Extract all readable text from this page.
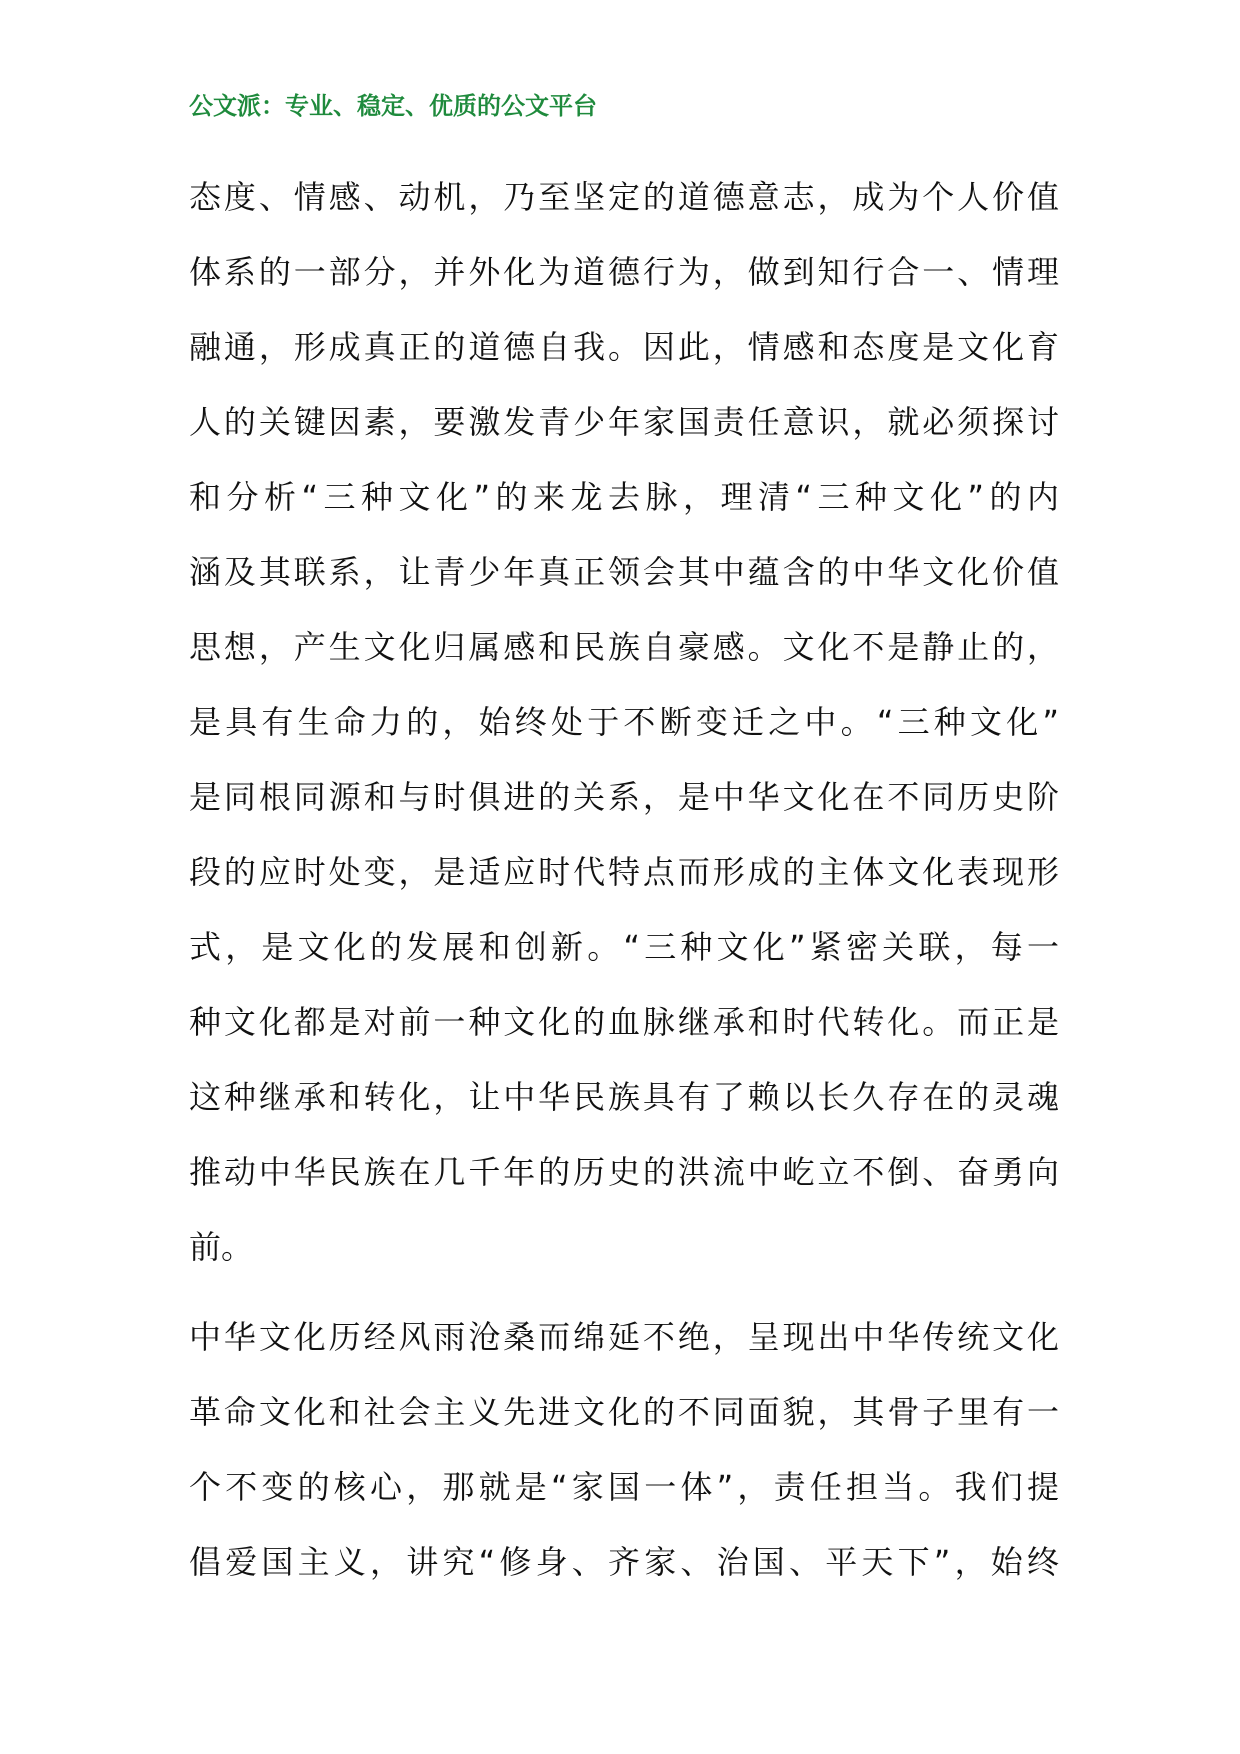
公文派：专业、稳定、优质的公文平台
态度、情感、动机，乃至坚定的道德意志，成为个人价值
体系的一部分，并外化为道德行为，做到知行合一、情理
融通，形成真正的道德自我。因此，情感和态度是文化育
人的关键因素，要激发青少年家国责任意识，就必须探讨
和分析“三种文化”的来龙去脉，理清“三种文化”的内
涵及其联系，让青少年真正领会其中蕴含的中华文化价值
思想，产生文化归属感和民族自豪感。文化不是静止的，
是具有生命力的，始终处于不断变迁之中。“三种文化”
是同根同源和与时俱进的关系，是中华文化在不同历史阶
段的应时处变，是适应时代特点而形成的主体文化表现形
式，是文化的发展和创新。“三种文化”紧密关联，每一
种文化都是对前一种文化的血脉继承和时代转化。而正是
这种继承和转化，让中华民族具有了赖以长久存在的灵魂
推动中华民族在几千年的历史的洪流中屹立不倒、奋勇向
前。
中华文化历经风雨沧桑而绵延不绝，呈现出中华传统文化
革命文化和社会主义先进文化的不同面貌，其骨子里有一
个不变的核心，那就是“家国一体”，责任担当。我们提
倡爱国主义，讲究“修身、齐家、治国、平天下”，始终
